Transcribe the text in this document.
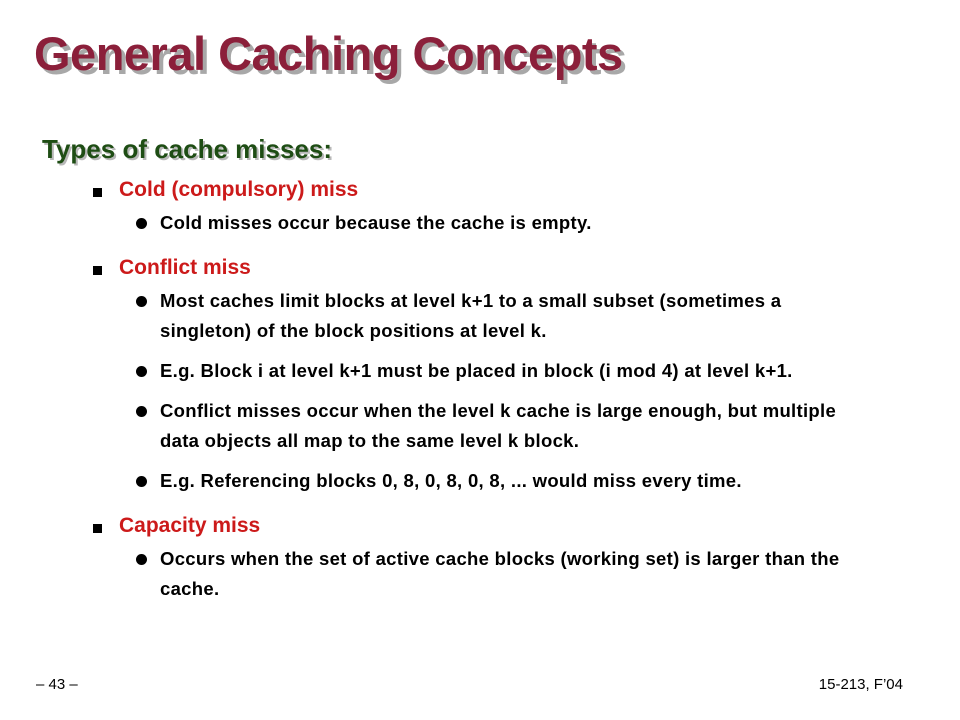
General Caching Concepts
Types of cache misses:
Cold (compulsory) miss
Cold misses occur because the cache is empty.
Conflict miss
Most caches limit blocks at level k+1 to a small subset (sometimes a singleton) of the block positions at level k.
E.g. Block i at level k+1 must be placed in block (i mod 4) at level k+1.
Conflict misses occur when the level k cache is large enough, but multiple data objects all map to the same level k block.
E.g. Referencing blocks 0, 8, 0, 8, 0, 8, ... would miss every time.
Capacity miss
Occurs when the set of active cache blocks (working set) is larger than the cache.
– 43 –	15-213, F’04
